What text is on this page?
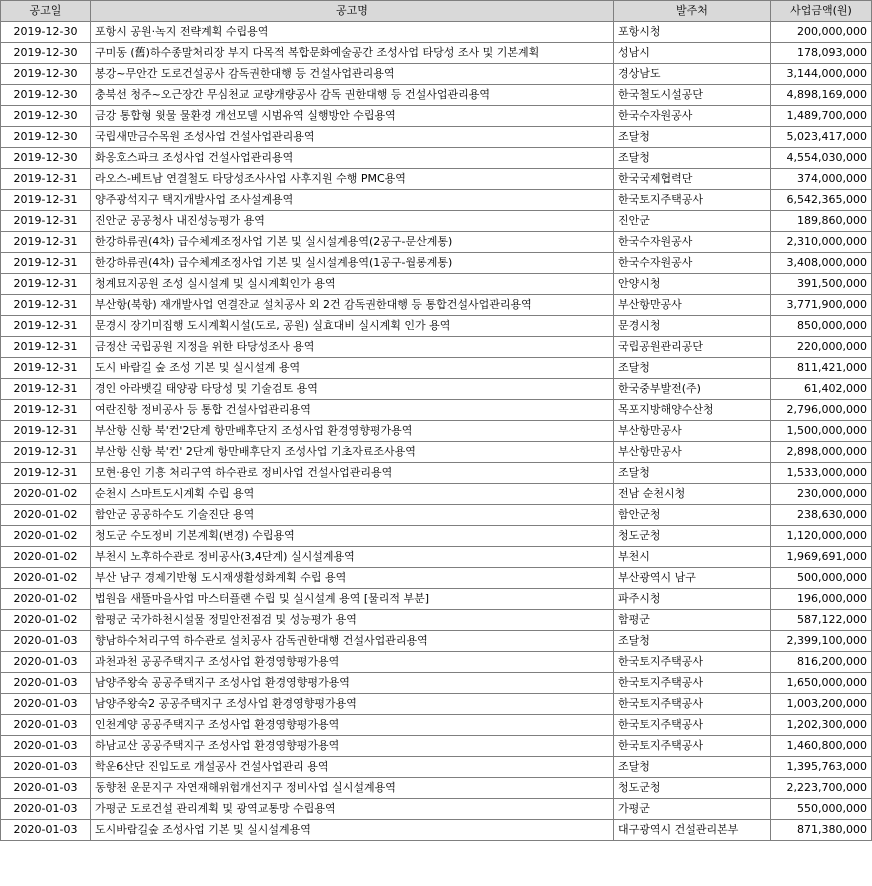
공고일	공고명	발주처	사업금액(원)
2019-12-30	포항시 공원·녹지 전략계획 수립용역	포항시청	200,000,000
2019-12-30	구미동 (舊)하수종말처리장 부지 다목적 복합문화예술공간 조성사업 타당성 조사 및 기본계획	성남시	178,093,000
2019-12-30	봉강~무안간 도로건설공사 감독권한대행 등 건설사업관리용역	경상남도	3,144,000,000
2019-12-30	충북선 청주~오근장간 무심천교 교량개량공사 감독 권한대행 등 건설사업관리용역	한국철도시설공단	4,898,169,000
2019-12-30	금강 통합형 윗물 물환경 개선모델 시범유역 실행방안 수립용역	한국수자원공사	1,489,700,000
2019-12-30	국립새만금수목원 조성사업 건설사업관리용역	조달청	5,023,417,000
2019-12-30	화옹호스파크 조성사업 건설사업관리용역	조달청	4,554,030,000
2019-12-31	라오스-베트남 연결철도 타당성조사사업 사후지원 수행 PMC용역	한국국제협력단	374,000,000
2019-12-31	양주광석지구 택지개발사업 조사설계용역	한국토지주택공사	6,542,365,000
2019-12-31	진안군 공공청사 내진성능평가 용역	진안군	189,860,000
2019-12-31	한강하류권(4차) 급수체계조정사업 기본 및 실시설계용역(2공구-문산계통)	한국수자원공사	2,310,000,000
2019-12-31	한강하류권(4차) 급수체계조정사업 기본 및 실시설계용역(1공구-월롱계통)	한국수자원공사	3,408,000,000
2019-12-31	청계묘지공원 조성 실시설계 및 실시계획인가 용역	안양시청	391,500,000
2019-12-31	부산항(북항) 재개발사업 연결잔교 설치공사 외 2건 감독권한대행 등 통합건설사업관리용역	부산항만공사	3,771,900,000
2019-12-31	문경시 장기미집행 도시계획시설(도로, 공원) 실효대비 실시계획 인가 용역	문경시청	850,000,000
2019-12-31	금정산 국립공원 지정을 위한 타당성조사 용역	국립공원관리공단	220,000,000
2019-12-31	도시 바람길 숲 조성 기본 및 실시설계 용역	조달청	811,421,000
2019-12-31	경인 아라뱃길 태양광 타당성 및 기술검토 용역	한국중부발전(주)	61,402,000
2019-12-31	여란진항 정비공사 등 통합 건설사업관리용역	목포지방해양수산청	2,796,000,000
2019-12-31	부산항 신항 북'컨'2단계 항만배후단지 조성사업 환경영향평가용역	부산항만공사	1,500,000,000
2019-12-31	부산항 신항 북'컨' 2단계 항만배후단지 조성사업 기초자료조사용역	부산항만공사	2,898,000,000
2019-12-31	모현·용인 기흥 처리구역 하수관로 정비사업 건설사업관리용역	조달청	1,533,000,000
2020-01-02	순천시 스마트도시계획 수립 용역	전남 순천시청	230,000,000
2020-01-02	함안군 공공하수도 기술진단 용역	함안군청	238,630,000
2020-01-02	청도군 수도정비 기본계획(변경) 수립용역	청도군청	1,120,000,000
2020-01-02	부천시 노후하수관로 정비공사(3,4단계) 실시설계용역	부천시	1,969,691,000
2020-01-02	부산 남구 경제기반형 도시재생활성화계획 수립 용역	부산광역시 남구	500,000,000
2020-01-02	법원읍 새뜰마을사업 마스터플랜 수립 및 실시설계 용역 [물리적 부분]	파주시청	196,000,000
2020-01-02	함평군 국가하천시설물 정밀안전점검 및 성능평가 용역	함평군	587,122,000
2020-01-03	향남하수처리구역 하수관로 설치공사 감독권한대행 건설사업관리용역	조달청	2,399,100,000
2020-01-03	과천과천 공공주택지구 조성사업 환경영향평가용역	한국토지주택공사	816,200,000
2020-01-03	남양주왕숙 공공주택지구 조성사업 환경영향평가용역	한국토지주택공사	1,650,000,000
2020-01-03	남양주왕숙2 공공주택지구 조성사업 환경영향평가용역	한국토지주택공사	1,003,200,000
2020-01-03	인천계양 공공주택지구 조성사업 환경영향평가용역	한국토지주택공사	1,202,300,000
2020-01-03	하남교산 공공주택지구 조성사업 환경영향평가용역	한국토지주택공사	1,460,800,000
2020-01-03	학운6산단 진입도로 개설공사 건설사업관리 용역	조달청	1,395,763,000
2020-01-03	동향천 운문지구 자연재해위험개선지구 정비사업 실시설계용역	청도군청	2,223,700,000
2020-01-03	가평군 도로건설 관리계획 및 광역교통망 수립용역	가평군	550,000,000
2020-01-03	도시바람길숲 조성사업 기본 및 실시설계용역	대구광역시 건설관리본부	871,380,000
